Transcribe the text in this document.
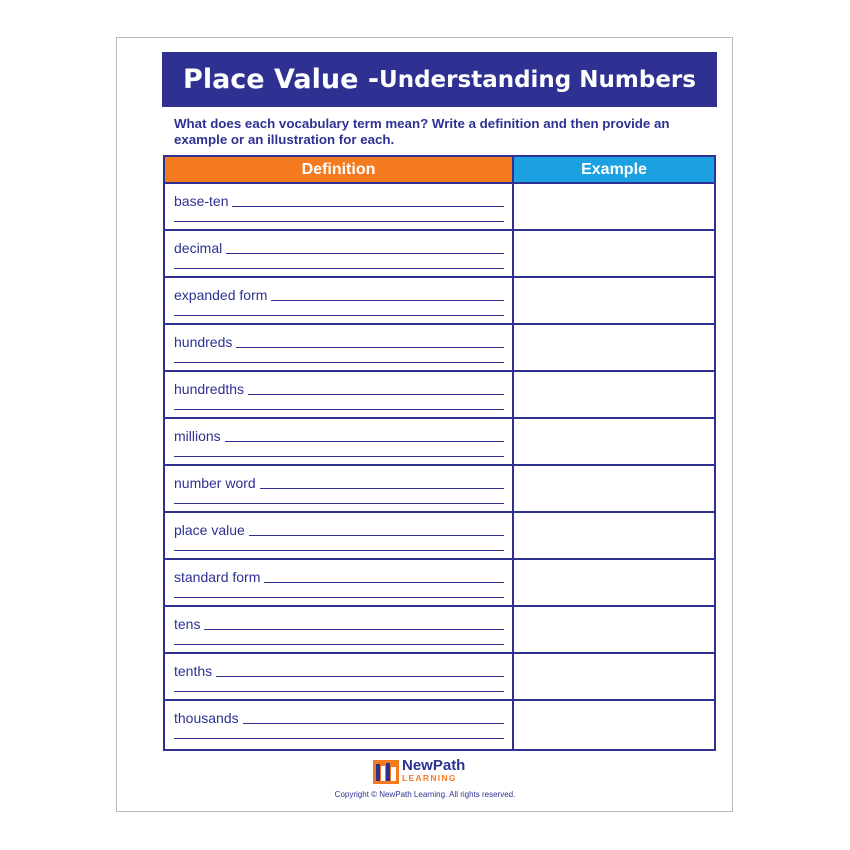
Place Value - Understanding Numbers
What does each vocabulary term mean? Write a definition and then provide an example or an illustration for each.
Definition	Example
base-ten
decimal
expanded form
hundreds
hundredths
millions
number word
place value
standard form
tens
tenths
thousands
NewPath
LEARNING
Copyright © NewPath Learning. All rights reserved.
